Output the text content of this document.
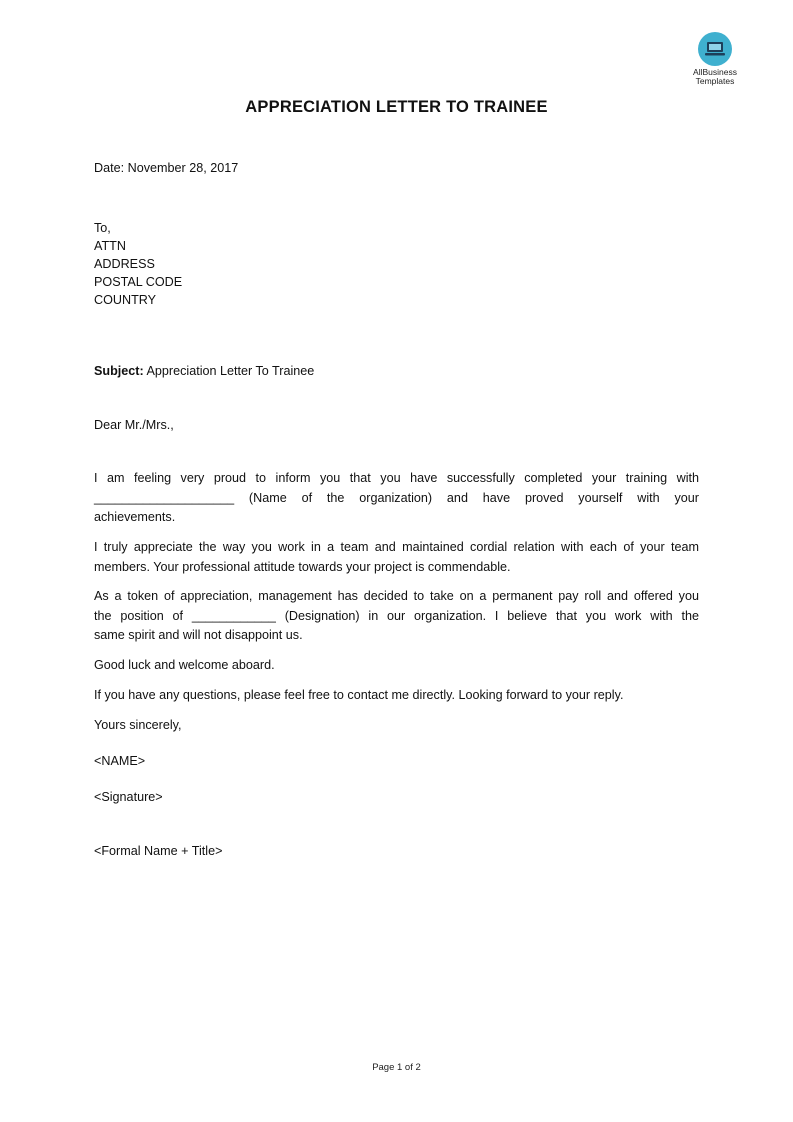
AllBusiness
Templates
APPRECIATION LETTER TO TRAINEE
Date: November 28, 2017
To,
ATTN
ADDRESS
POSTAL CODE
COUNTRY
Subject: Appreciation Letter To Trainee
Dear Mr./Mrs.,
I am feeling very proud to inform you that you have successfully completed your training with
____________________ (Name of the organization) and have proved yourself with your
achievements.
I truly appreciate the way you work in a team and maintained cordial relation with each of your team
members. Your professional attitude towards your project is commendable.
As a token of appreciation, management has decided to take on a permanent pay roll and offered you
the position of ____________ (Designation) in our organization. I believe that you work with the
same spirit and will not disappoint us.
Good luck and welcome aboard.
If you have any questions, please feel free to contact me directly. Looking forward to your reply.
Yours sincerely,
<NAME>
<Signature>
<Formal Name + Title>
Page 1 of 2
